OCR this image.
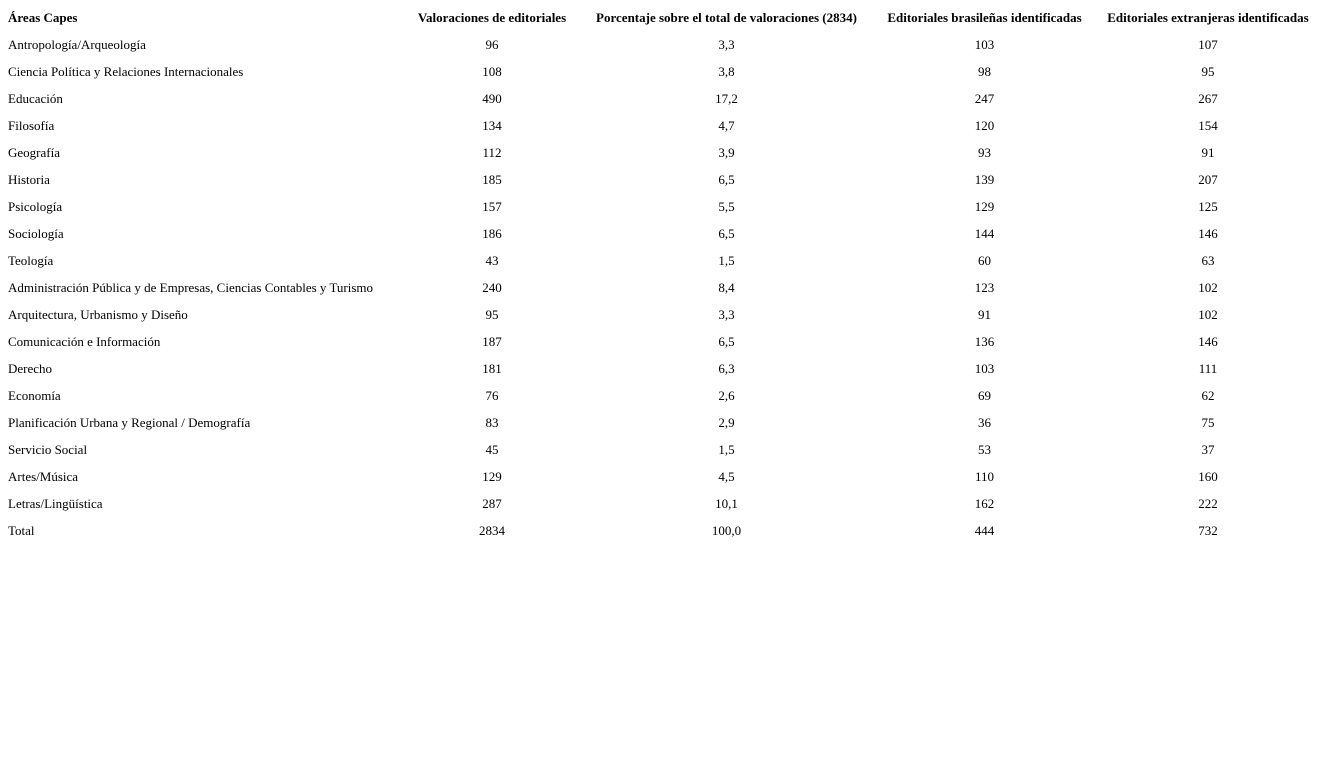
Áreas Capes	Valoraciones de editoriales	Porcentaje sobre el total de valoraciones (2834)	Editoriales brasileñas identificadas	Editoriales extranjeras identificadas
Antropología/Arqueología	96	3,3	103	107
Ciencia Política y Relaciones Internacionales	108	3,8	98	95
Educación	490	17,2	247	267
Filosofía	134	4,7	120	154
Geografía	112	3,9	93	91
Historia	185	6,5	139	207
Psicología	157	5,5	129	125
Sociología	186	6,5	144	146
Teología	43	1,5	60	63
Administración Pública y de Empresas, Ciencias Contables y Turismo	240	8,4	123	102
Arquitectura, Urbanismo y Diseño	95	3,3	91	102
Comunicación e Información	187	6,5	136	146
Derecho	181	6,3	103	111
Economía	76	2,6	69	62
Planificación Urbana y Regional / Demografía	83	2,9	36	75
Servicio Social	45	1,5	53	37
Artes/Música	129	4,5	110	160
Letras/Lingüística	287	10,1	162	222
Total	2834	100,0	444	732
